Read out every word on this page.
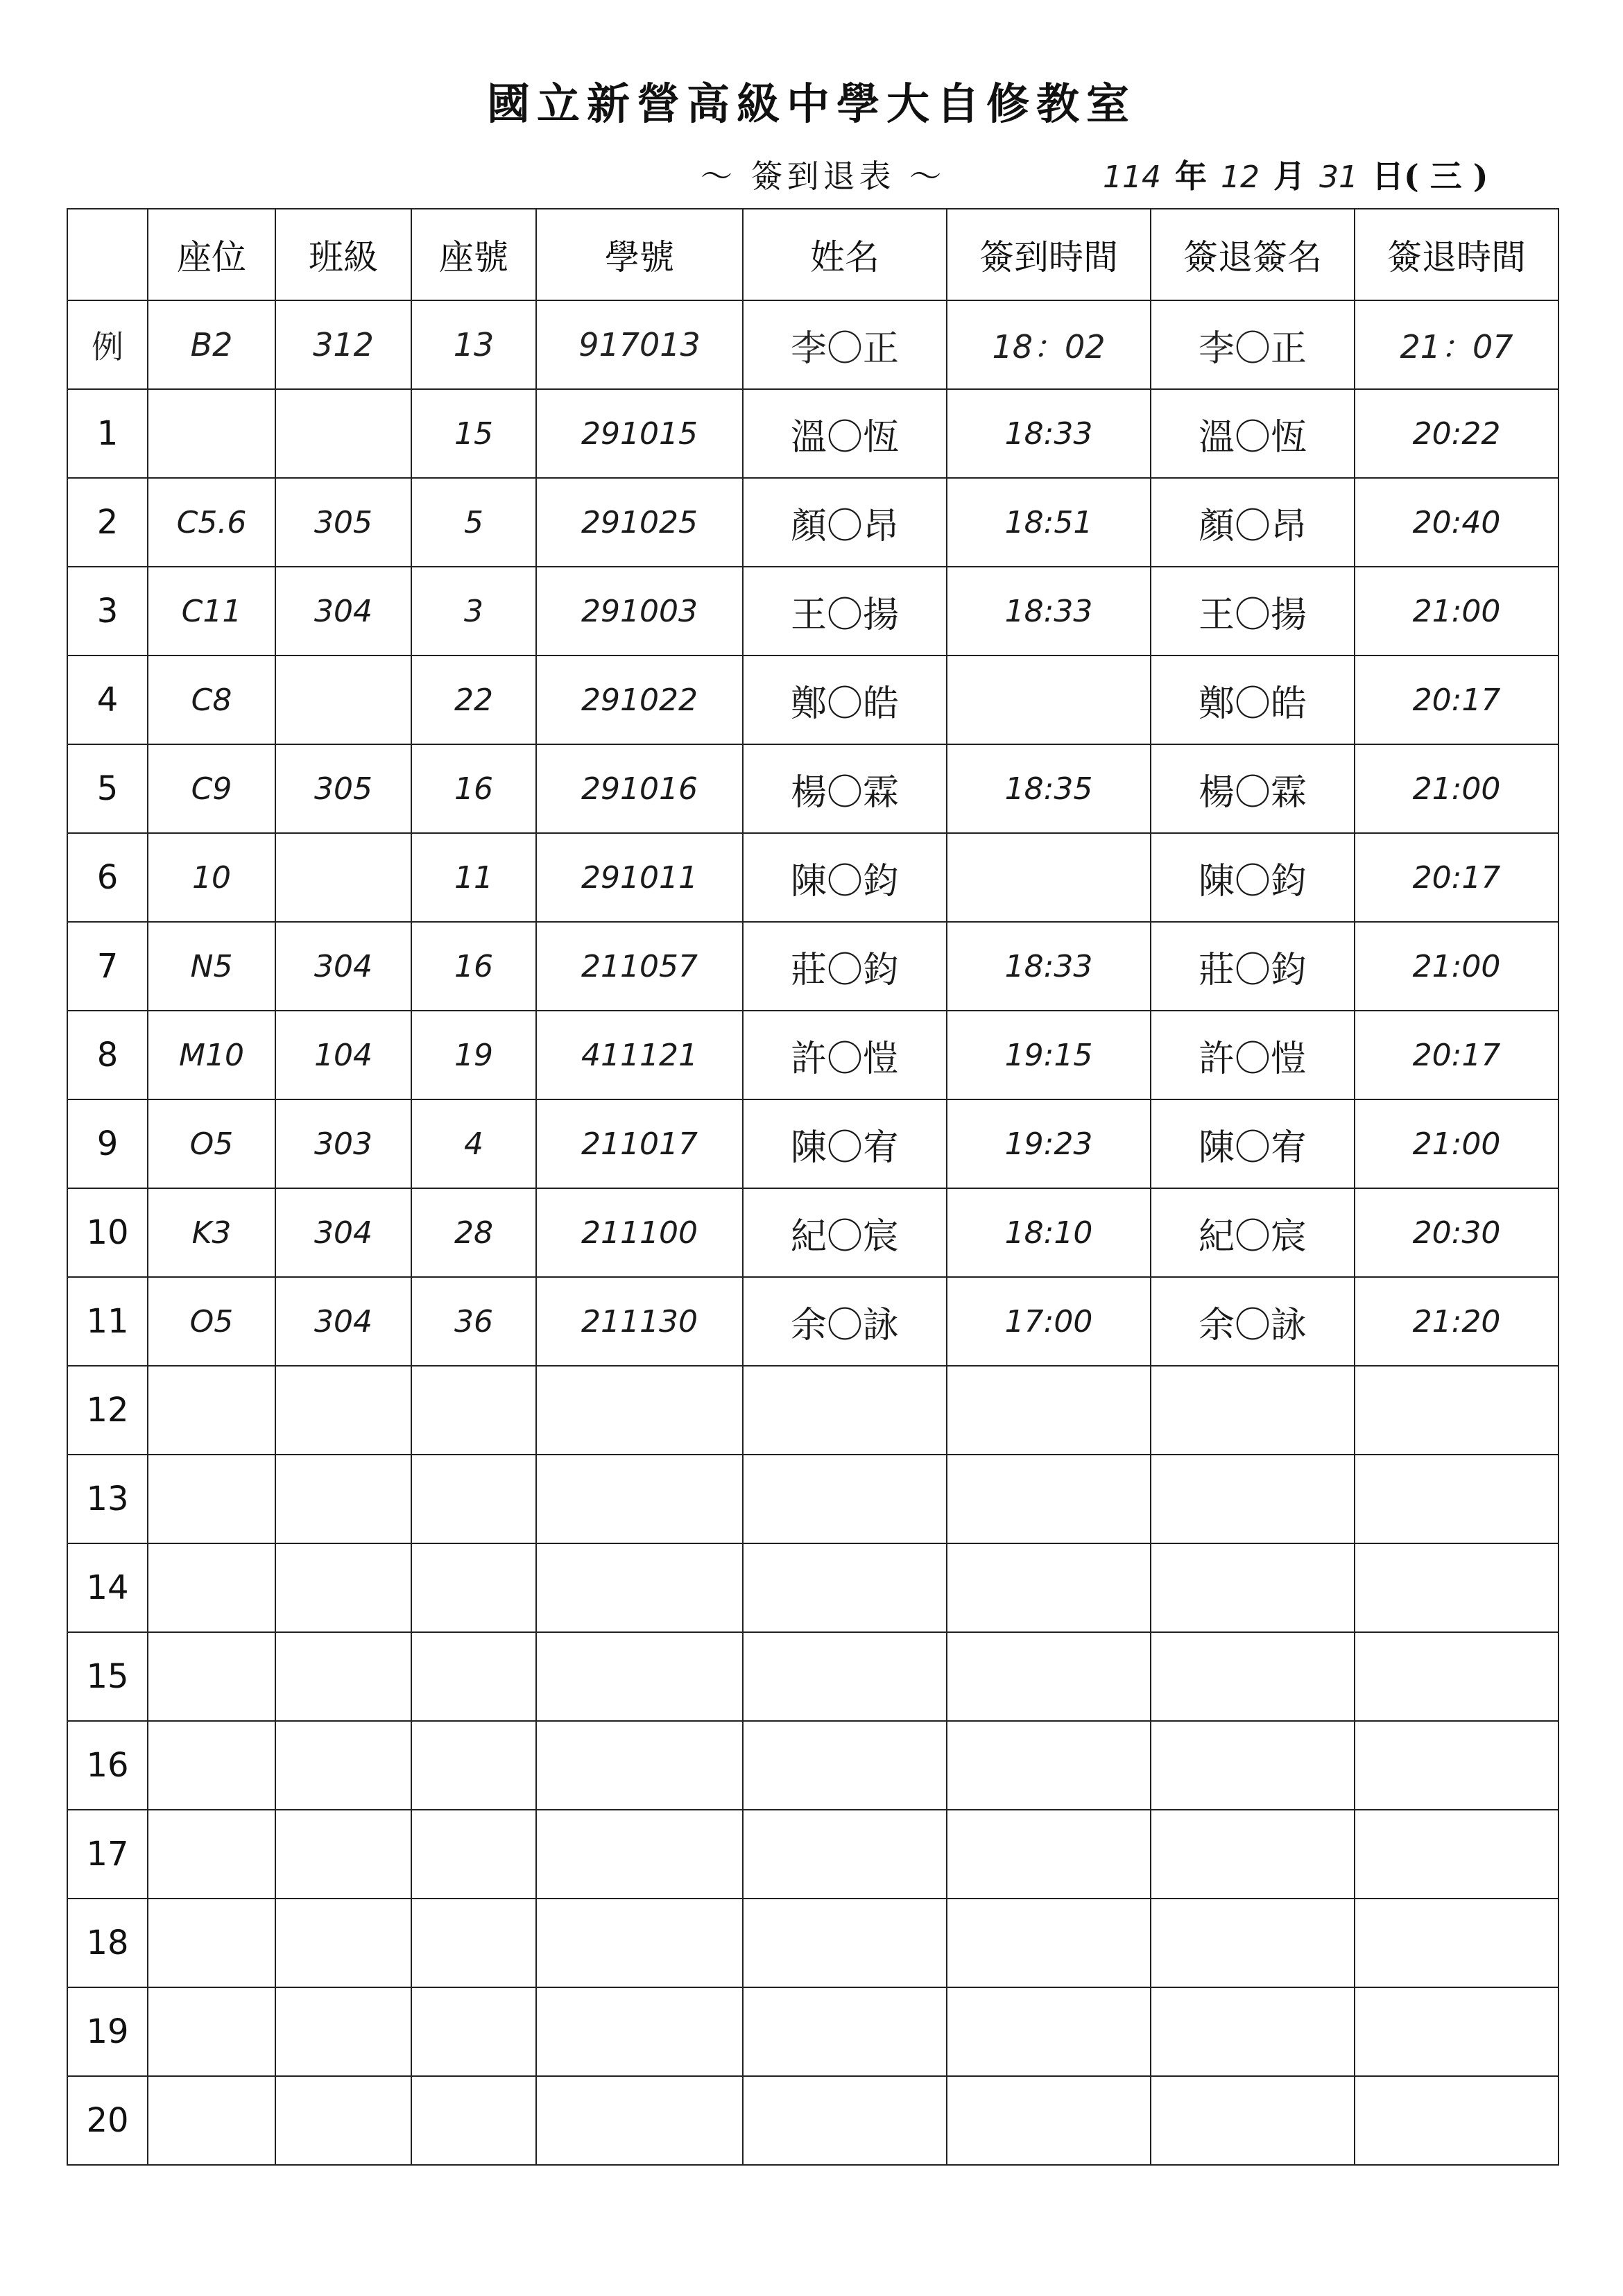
國立新營高級中學大自修教室
～ 簽到退表 ～	114 年 12 月 31 日( 三 )
	座位	班級	座號	學號	姓名	簽到時間	簽退簽名	簽退時間
例	B2	312	13	917013	李〇正	18：02	李〇正	21：07
1			15	291015	溫〇恆	18:33	溫〇恆	20:22
2	C5.6	305	5	291025	顏〇昂	18:51	顏〇昂	20:40
3	C11	304	3	291003	王〇揚	18:33	王〇揚	21:00
4	C8		22	291022	鄭〇皓		鄭〇皓	20:17
5	C9	305	16	291016	楊〇霖	18:35	楊〇霖	21:00
6	10		11	291011	陳〇鈞		陳〇鈞	20:17
7	N5	304	16	211057	莊〇鈞	18:33	莊〇鈞	21:00
8	M10	104	19	411121	許〇愷	19:15	許〇愷	20:17
9	O5	303	4	211017	陳〇宥	19:23	陳〇宥	21:00
10	K3	304	28	211100	紀〇宸	18:10	紀〇宸	20:30
11	O5	304	36	211130	余〇詠	17:00	余〇詠	21:20
12								
13								
14								
15								
16								
17								
18								
19								
20								
